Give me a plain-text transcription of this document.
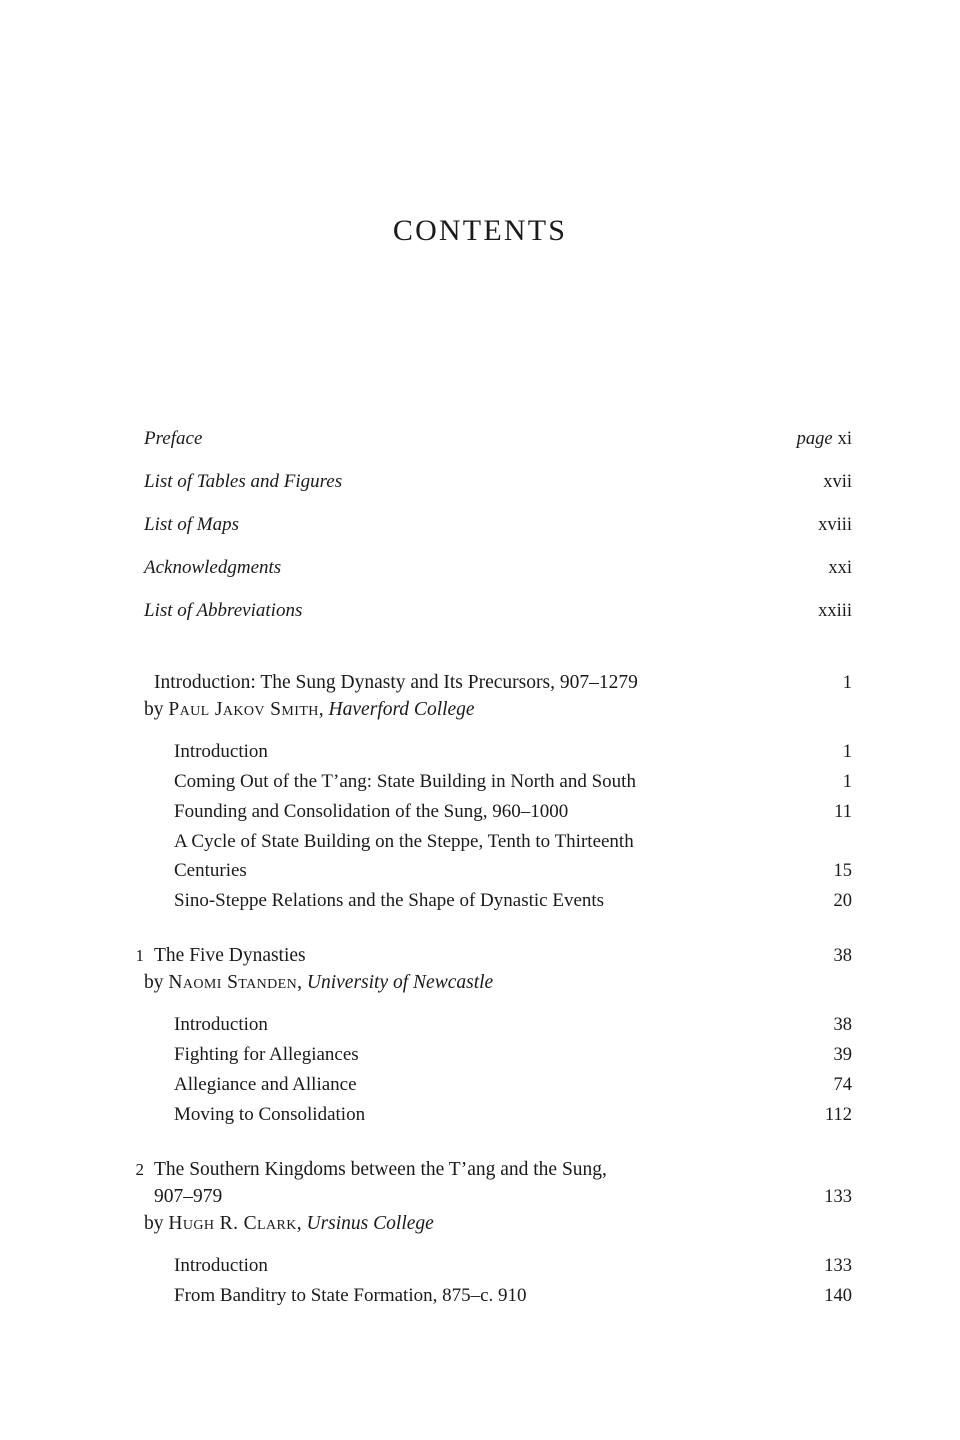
CONTENTS
Preface	page xi
List of Tables and Figures	xvii
List of Maps	xviii
Acknowledgments	xxi
List of Abbreviations	xxiii
Introduction: The Sung Dynasty and Its Precursors, 907–1279	1
by Paul Jakov Smith, Haverford College
Introduction	1
Coming Out of the T’ang: State Building in North and South	1
Founding and Consolidation of the Sung, 960–1000	11
A Cycle of State Building on the Steppe, Tenth to Thirteenth
Centuries	15
Sino-Steppe Relations and the Shape of Dynastic Events	20
1 The Five Dynasties	38
by Naomi Standen, University of Newcastle
Introduction	38
Fighting for Allegiances	39
Allegiance and Alliance	74
Moving to Consolidation	112
2 The Southern Kingdoms between the T’ang and the Sung,
907–979	133
by Hugh R. Clark, Ursinus College
Introduction	133
From Banditry to State Formation, 875–c. 910	140
